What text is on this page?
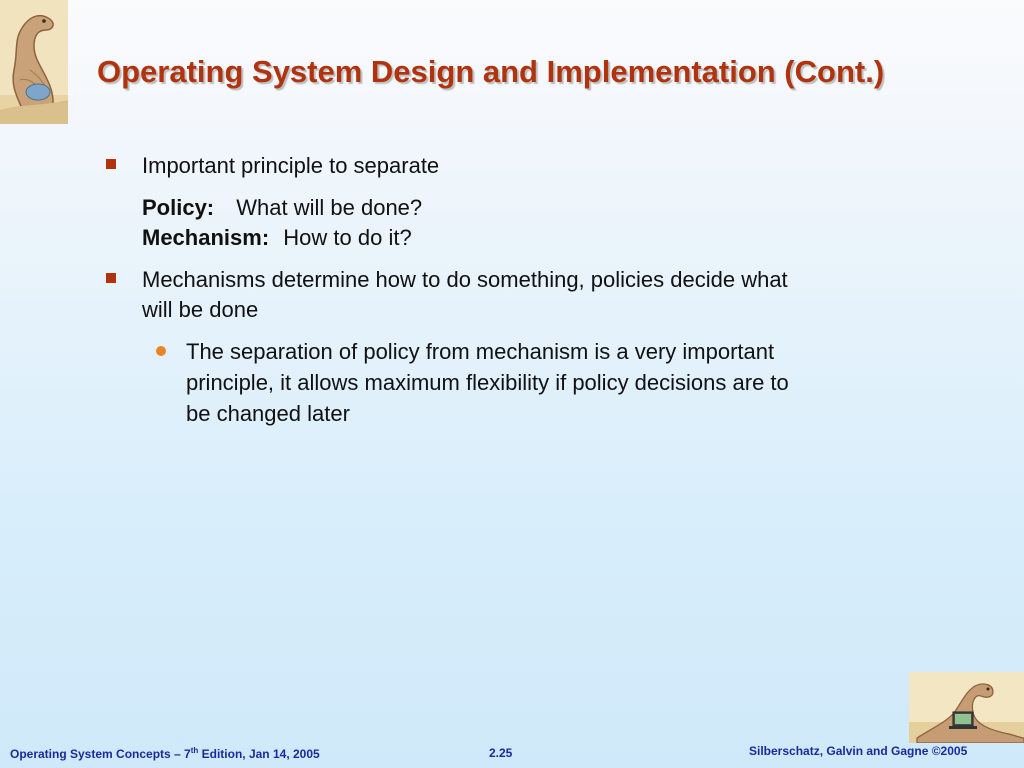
Operating System Design and Implementation (Cont.)
Important principle to separate
Policy: What will be done?
Mechanism: How to do it?
Mechanisms determine how to do something, policies decide what
will be done
The separation of policy from mechanism is a very important
principle, it allows maximum flexibility if policy decisions are to
be changed later
Operating System Concepts – 7th Edition, Jan 14, 2005	2.25	Silberschatz, Galvin and Gagne ©2005
